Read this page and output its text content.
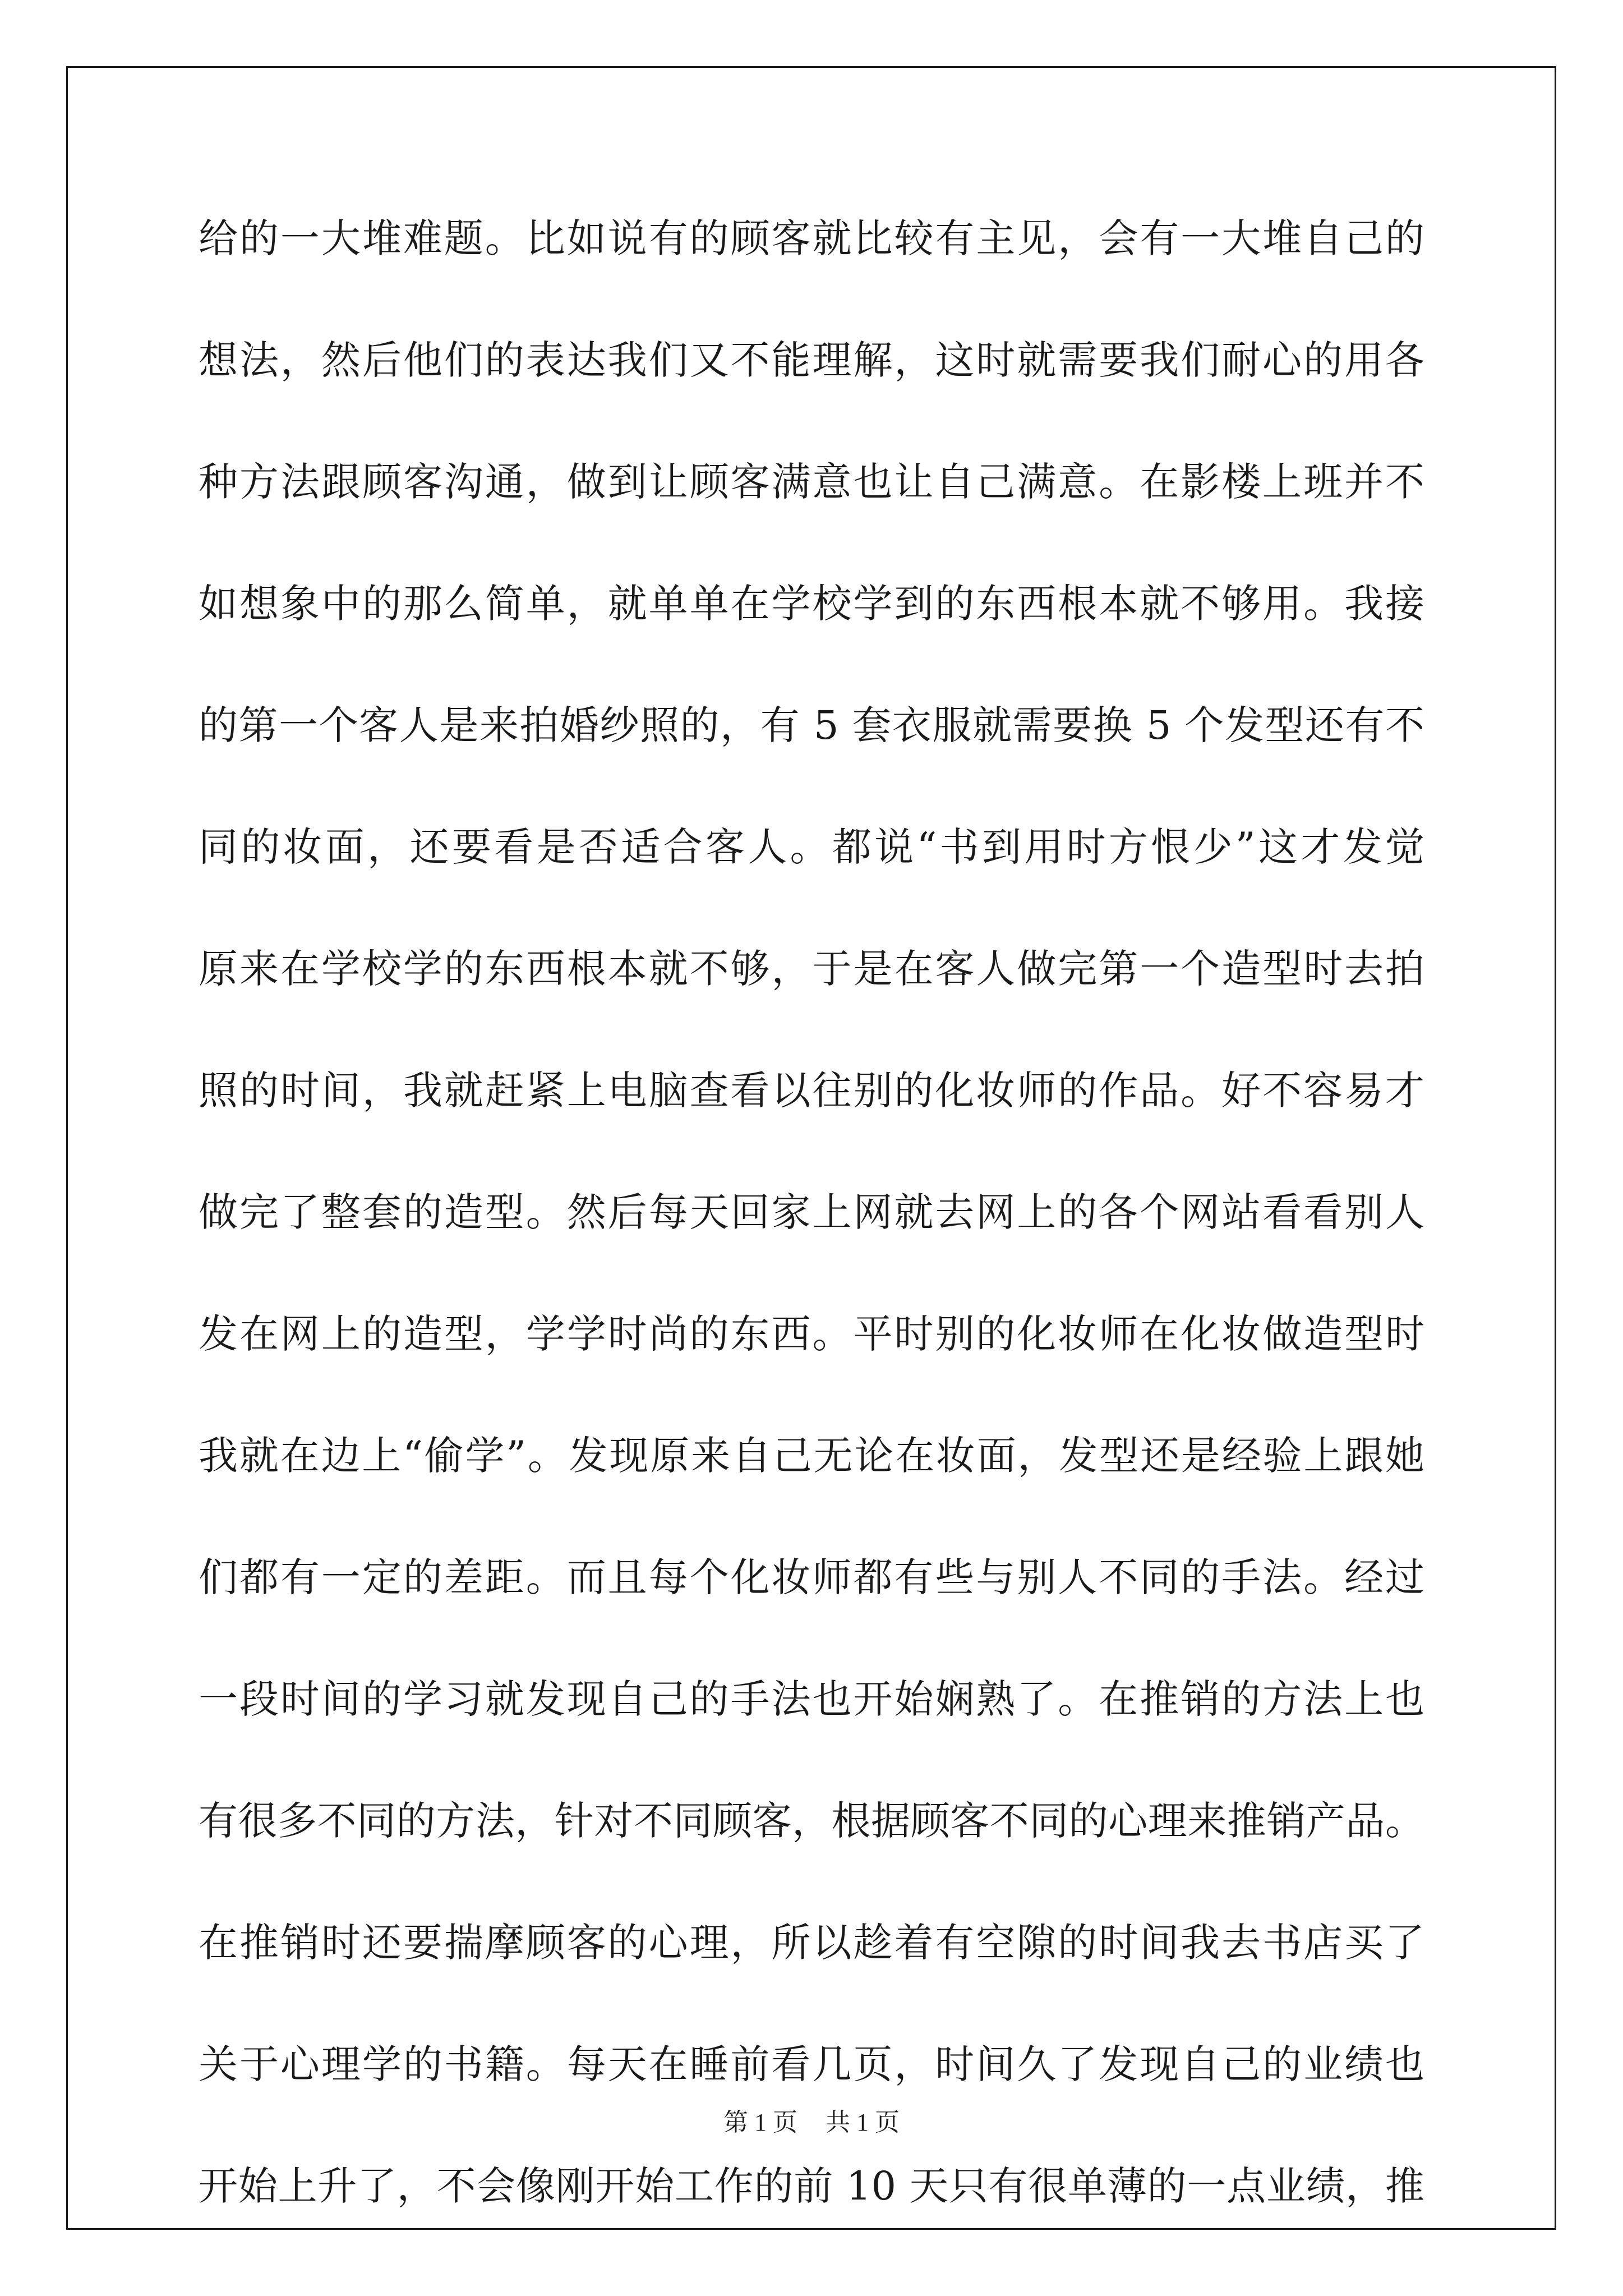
给的一大堆难题。比如说有的顾客就比较有主见，会有一大堆自己的
想法，然后他们的表达我们又不能理解，这时就需要我们耐心的用各
种方法跟顾客沟通，做到让顾客满意也让自己满意。在影楼上班并不
如想象中的那么简单，就单单在学校学到的东西根本就不够用。我接
的第一个客人是来拍婚纱照的，有 5 套衣服就需要换 5 个发型还有不
同的妆面，还要看是否适合客人。都说“书到用时方恨少”这才发觉
原来在学校学的东西根本就不够，于是在客人做完第一个造型时去拍
照的时间，我就赶紧上电脑查看以往别的化妆师的作品。好不容易才
做完了整套的造型。然后每天回家上网就去网上的各个网站看看别人
发在网上的造型，学学时尚的东西。平时别的化妆师在化妆做造型时
我就在边上“偷学”。发现原来自己无论在妆面，发型还是经验上跟她
们都有一定的差距。而且每个化妆师都有些与别人不同的手法。经过
一段时间的学习就发现自己的手法也开始娴熟了。在推销的方法上也
有很多不同的方法，针对不同顾客，根据顾客不同的心理来推销产品。
在推销时还要揣摩顾客的心理，所以趁着有空隙的时间我去书店买了
关于心理学的书籍。每天在睡前看几页，时间久了发现自己的业绩也
开始上升了，不会像刚开始工作的前 10 天只有很单薄的一点业绩，推
第 1 页 共 1 页
